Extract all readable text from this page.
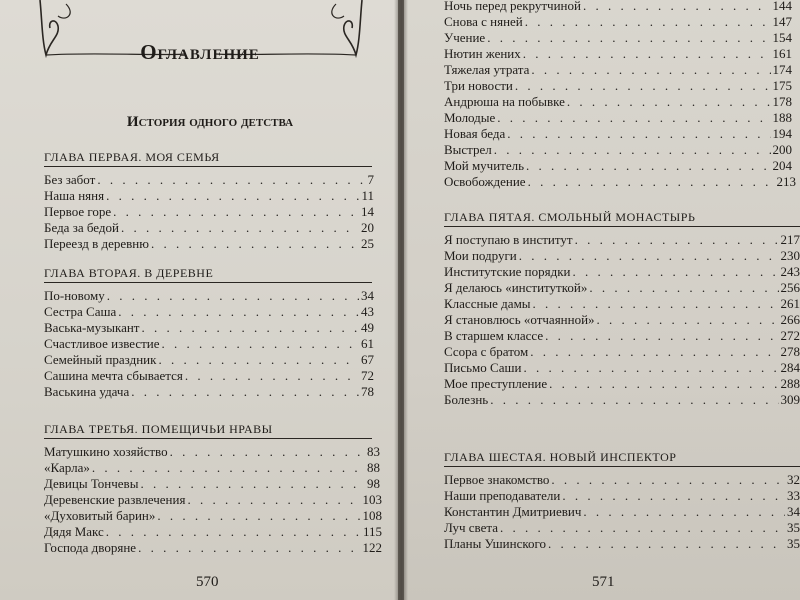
Оглавление
История одного детства
ГЛАВА ПЕРВАЯ. МОЯ СЕМЬЯ
Без забот . . .	7
Наша няня . . .	11
Первое горе . . .	14
Беда за бедой . . .	20
Переезд в деревню . . .	25
ГЛАВА ВТОРАЯ. В ДЕРЕВНЕ
По-новому . . .	34
Сестра Саша . . .	43
Васька-музыкант . . .	49
Счастливое известие . . .	61
Семейный праздник . . .	67
Сашина мечта сбывается . . .	72
Васькина удача . . .	78
ГЛАВА ТРЕТЬЯ. ПОМЕЩИЧЬИ НРАВЫ
Матушкино хозяйство . . .	83
«Карла» . . .	88
Девицы Тончевы . . .	98
Деревенские развлечения . . .	103
«Духовитый барин» . . .	108
Дядя Макс . . .	115
Господа дворяне . . .	122
570
Ночь перед рекрутчиной . . .	144
Снова с няней . . .	147
Учение . . .	154
Нютин жених . . .	161
Тяжелая утрата . . .	174
Три новости . . .	175
Андрюша на побывке . . .	178
Молодые . . .	188
Новая беда . . .	194
Выстрел . . .	200
Мой мучитель . . .	204
Освобождение . . .	213
ГЛАВА ПЯТАЯ. СМОЛЬНЫЙ МОНАСТЫРЬ
Я поступаю в институт . . .	217
Мои подруги . . .	230
Институтские порядки . . .	243
Я делаюсь «институткой» . . .	256
Классные дамы . . .	261
Я становлюсь «отчаянной» . . .	266
В старшем классе . . .	272
Ссора с братом . . .	278
Письмо Саши . . .	284
Мое преступление . . .	288
Болезнь . . .	309
ГЛАВА ШЕСТАЯ. НОВЫЙ ИНСПЕКТОР
Первое знакомство . . .	32
Наши преподаватели . . .	33
Константин Дмитриевич . . .	34
Луч света . . .	35
Планы Ушинского . . .	35
571
